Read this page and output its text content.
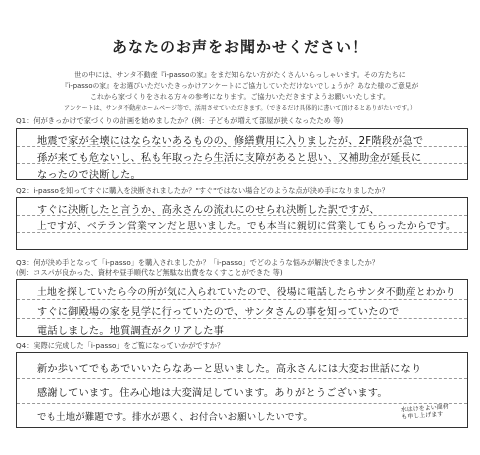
あなたのお声をお聞かせください！
世の中には、サンタ不動産『i-passoの家』をまだ知らない方がたくさんいらっしゃいます。その方たちに
『i-passoの家』をお選びいただいたきっかけアンケートにご協力していただけないでしょうか？あなた様のご意見が
これから家づくりをされる方々の参考になります。ご協力いただきますようお願いいたします。
アンケートは、サンタ不動産ホームページ等で、活用させていただきます。（できるだけ具体的に書いて頂けるとありがたいです。）
Q1：何がきっかけで家づくりの計画を始めましたか？(例：子どもが増えて部屋が狭くなったため 等)
地震で家が全壊にはならないあるものの、修繕費用に入りましたが、2F階段が急で
孫が来ても危ないし、私も年取ったら生活に支障があると思い、又補助金が延長に
なったので決断した。
Q2：i-passoを知ってすぐに購入を決断されましたか？"すぐ"ではない場合どのような点が決め手になりましたか？
すぐに決断したと言うか、高永さんの流れにのせられ決断した訳ですが、
上ですが、ベテラン営業マンだと思いました。でも本当に親切に営業してもらったからです。
Q3：何が決め手となって「i-passo」を購入されましたか？「i-passo」でどのような悩みが解決できましたか？
(例：コスパが良かった、資材や昼手順代など無駄な出費をなくすことができた 等)
土地を探していたら今の所が気に入られていたので、役場に電話したらサンタ不動産とわかり
すぐに御殿場の家を見学に行っていたので、サンタさんの事を知っていたので
電話しました。地質調査がクリアした事
Q4：実際に完成した「i-passo」をご覧になっていかがですか？
新か歩いてでもあでいいたらなあーと思いました。高永さんには大変お世話になり
感謝しています。住み心地は大変満足しています。ありがとうございます。
でも土地が難題です。排水が悪く、お付合いお願いしたいです。
水はけをよい面材
も申し上げます
